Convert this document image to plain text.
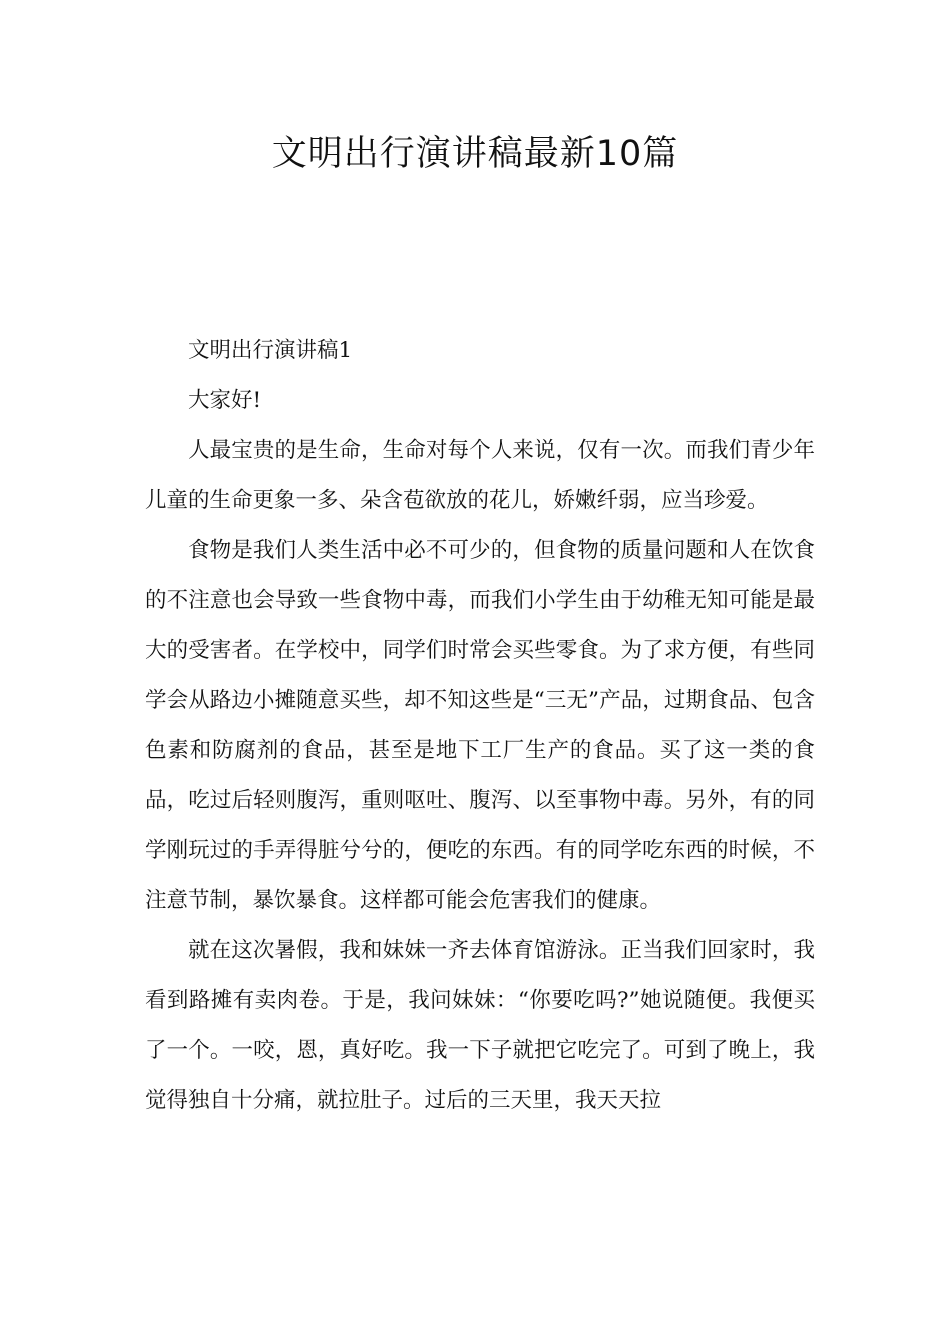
文明出行演讲稿最新10篇

文明出行演讲稿1

大家好!

人最宝贵的是生命，生命对每个人来说，仅有一次。而我们青少年儿童的生命更象一多、朵含苞欲放的花儿，娇嫩纤弱，应当珍爱。

食物是我们人类生活中必不可少的，但食物的质量问题和人在饮食的不注意也会导致一些食物中毒，而我们小学生由于幼稚无知可能是最大的受害者。在学校中，同学们时常会买些零食。为了求方便，有些同学会从路边小摊随意买些，却不知这些是“三无”产品，过期食品、包含色素和防腐剂的食品，甚至是地下工厂生产的食品。买了这一类的食品，吃过后轻则腹泻，重则呕吐、腹泻、以至事物中毒。另外，有的同学刚玩过的手弄得脏兮兮的，便吃的东西。有的同学吃东西的时候，不注意节制，暴饮暴食。这样都可能会危害我们的健康。

就在这次暑假，我和妹妹一齐去体育馆游泳。正当我们回家时，我看到路摊有卖肉卷。于是，我问妹妹：“你要吃吗?”她说随便。我便买了一个。一咬，恩，真好吃。我一下子就把它吃完了。可到了晚上，我觉得独自十分痛，就拉肚子。过后的三天里，我天天拉
